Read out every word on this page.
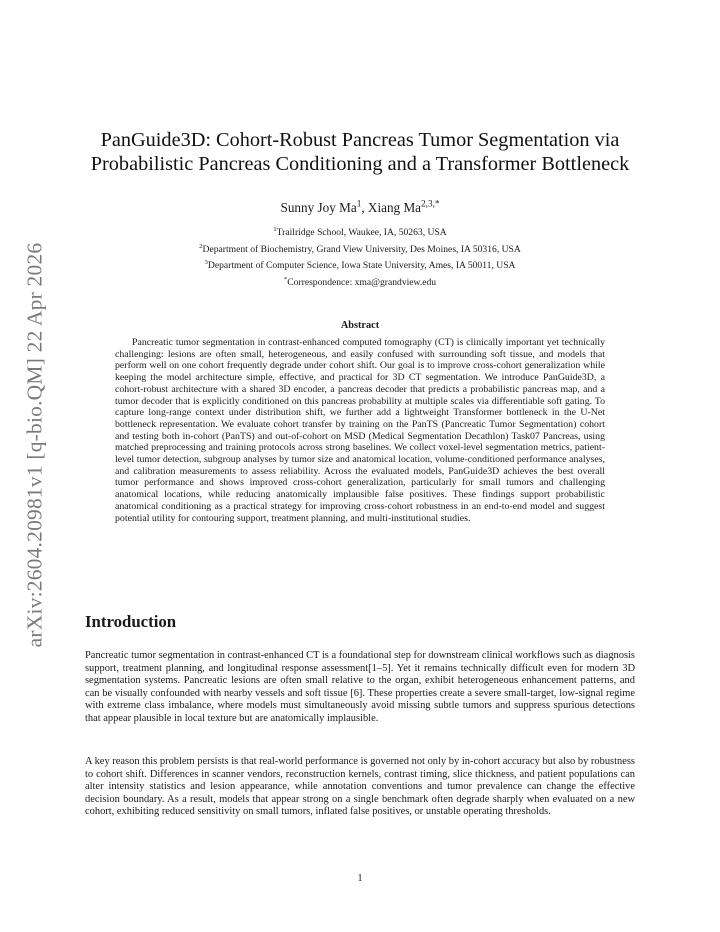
arXiv:2604.20981v1 [q-bio.QM] 22 Apr 2026
PanGuide3D: Cohort-Robust Pancreas Tumor Segmentation via
Probabilistic Pancreas Conditioning and a Transformer Bottleneck
Sunny Joy Ma$^1$, Xiang $Ma^{2,3,*}$
$^1$Trailridge School, Waukee, IA, 50263, USA
$^2$Department of Biochemistry, Grand View University, Des Moines, IA 50316, USA
$^3$Department of Computer Science, Iowa State University, Ames, IA 50011, USA
*Correspondence: xma@grandview.edu
Abstract

Pancreatic tumor segmentation in contrast-enhanced computed tomography (CT) is clinically important yet technically challenging: lesions are often small, heterogeneous, and easily confused with surrounding soft tissue, and models that perform well on one cohort frequently degrade under cohort shift. Our goal is to improve cross-cohort generalization while keeping the model architecture simple, effective, and practical for 3D CT segmentation. We introduce PanGuide3D, a cohort-robust architecture with a shared 3D encoder, a pancreas decoder that predicts a probabilistic pancreas map, and a tumor decoder that is explicitly conditioned on this pancreas probability at multiple scales via differentiable soft gating. To capture long-range context under distribution shift, we further add a lightweight Transformer bottleneck in the U-Net bottleneck representation. We evaluate cohort transfer by training on the PanTS (Pancreatic Tumor Segmentation) cohort and testing both in-cohort (PanTS) and out-of-cohort on MSD (Medical Segmentation Decathlon) Task07 Pancreas, using matched preprocessing and training protocols across strong baselines. We collect voxel-level segmentation metrics, patient-level tumor detection, subgroup analyses by tumor size and anatomical location, volume-conditioned performance analyses, and calibration measurements to assess reliability. Across the evaluated models, PanGuide3D achieves the best overall tumor performance and shows improved cross-cohort generalization, particularly for small tumors and challenging anatomical locations, while reducing anatomically implausible false positives. These findings support probabilistic anatomical conditioning as a practical strategy for improving cross-cohort robustness in an end-to-end model and suggest potential utility for contouring support, treatment planning, and multi-institutional studies.

Introduction

Pancreatic tumor segmentation in contrast-enhanced CT is a foundational step for downstream clinical workflows such as diagnosis support, treatment planning, and longitudinal response assessment[1–5]. Yet it remains technically difficult even for modern 3D segmentation systems. Pancreatic lesions are often small relative to the organ, exhibit heterogeneous enhancement patterns, and can be visually confounded with nearby vessels and soft tissue [6]. These properties create a severe small-target, low-signal regime with extreme class imbalance, where models must simultaneously avoid missing subtle tumors and suppress spurious detections that appear plausible in local texture but are anatomically implausible.

A key reason this problem persists is that real-world performance is governed not only by in-cohort accuracy but also by robustness to cohort shift. Differences in scanner vendors, reconstruction kernels, contrast timing, slice thickness, and patient populations can alter intensity statistics and lesion appearance, while annotation conventions and tumor prevalence can change the effective decision boundary. As a result, models that appear strong on a single benchmark often degrade sharply when evaluated on a new cohort, exhibiting reduced sensitivity on small tumors, inflated false positives, or unstable operating thresholds.

1
